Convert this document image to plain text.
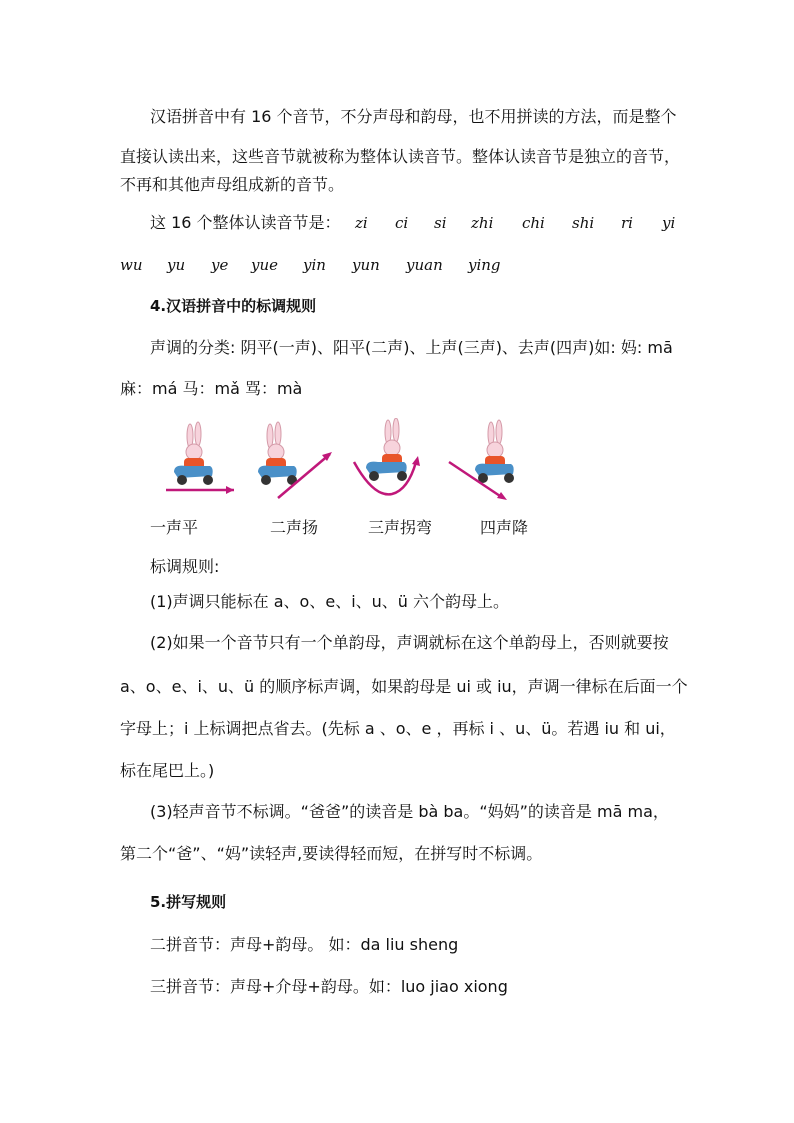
汉语拼音中有 16 个音节，不分声母和韵母，也不用拼读的方法，而是整个
直接认读出来，这些音节就被称为整体认读音节。整体认读音节是独立的音节，
不再和其他声母组成新的音节。
这 16 个整体认读音节是： zi ci si zhi chi shi ri yi
wu yu ye yue yin yun yuan ying
4.汉语拼音中的标调规则
声调的分类: 阴平(一声)、阳平(二声)、上声(三声)、去声(四声)如: 妈: mā
麻：má 马：mǎ 骂：mà
一声平	二声扬	三声拐弯	四声降
标调规则:
(1)声调只能标在 a、o、e、i、u、ü 六个韵母上。
(2)如果一个音节只有一个单韵母，声调就标在这个单韵母上，否则就要按
a、o、e、i、u、ü 的顺序标声调，如果韵母是 ui 或 iu，声调一律标在后面一个
字母上；i 上标调把点省去。(先标 a 、o、e ，再标 i 、u、ü。若遇 iu 和 ui，
标在尾巴上。)
(3)轻声音节不标调。“爸爸”的读音是 bà ba。“妈妈”的读音是 mā ma，
第二个“爸”、“妈”读轻声,要读得轻而短，在拼写时不标调。
5.拼写规则
二拼音节：声母+韵母。 如：da liu sheng
三拼音节：声母+介母+韵母。如：luo jiao xiong
